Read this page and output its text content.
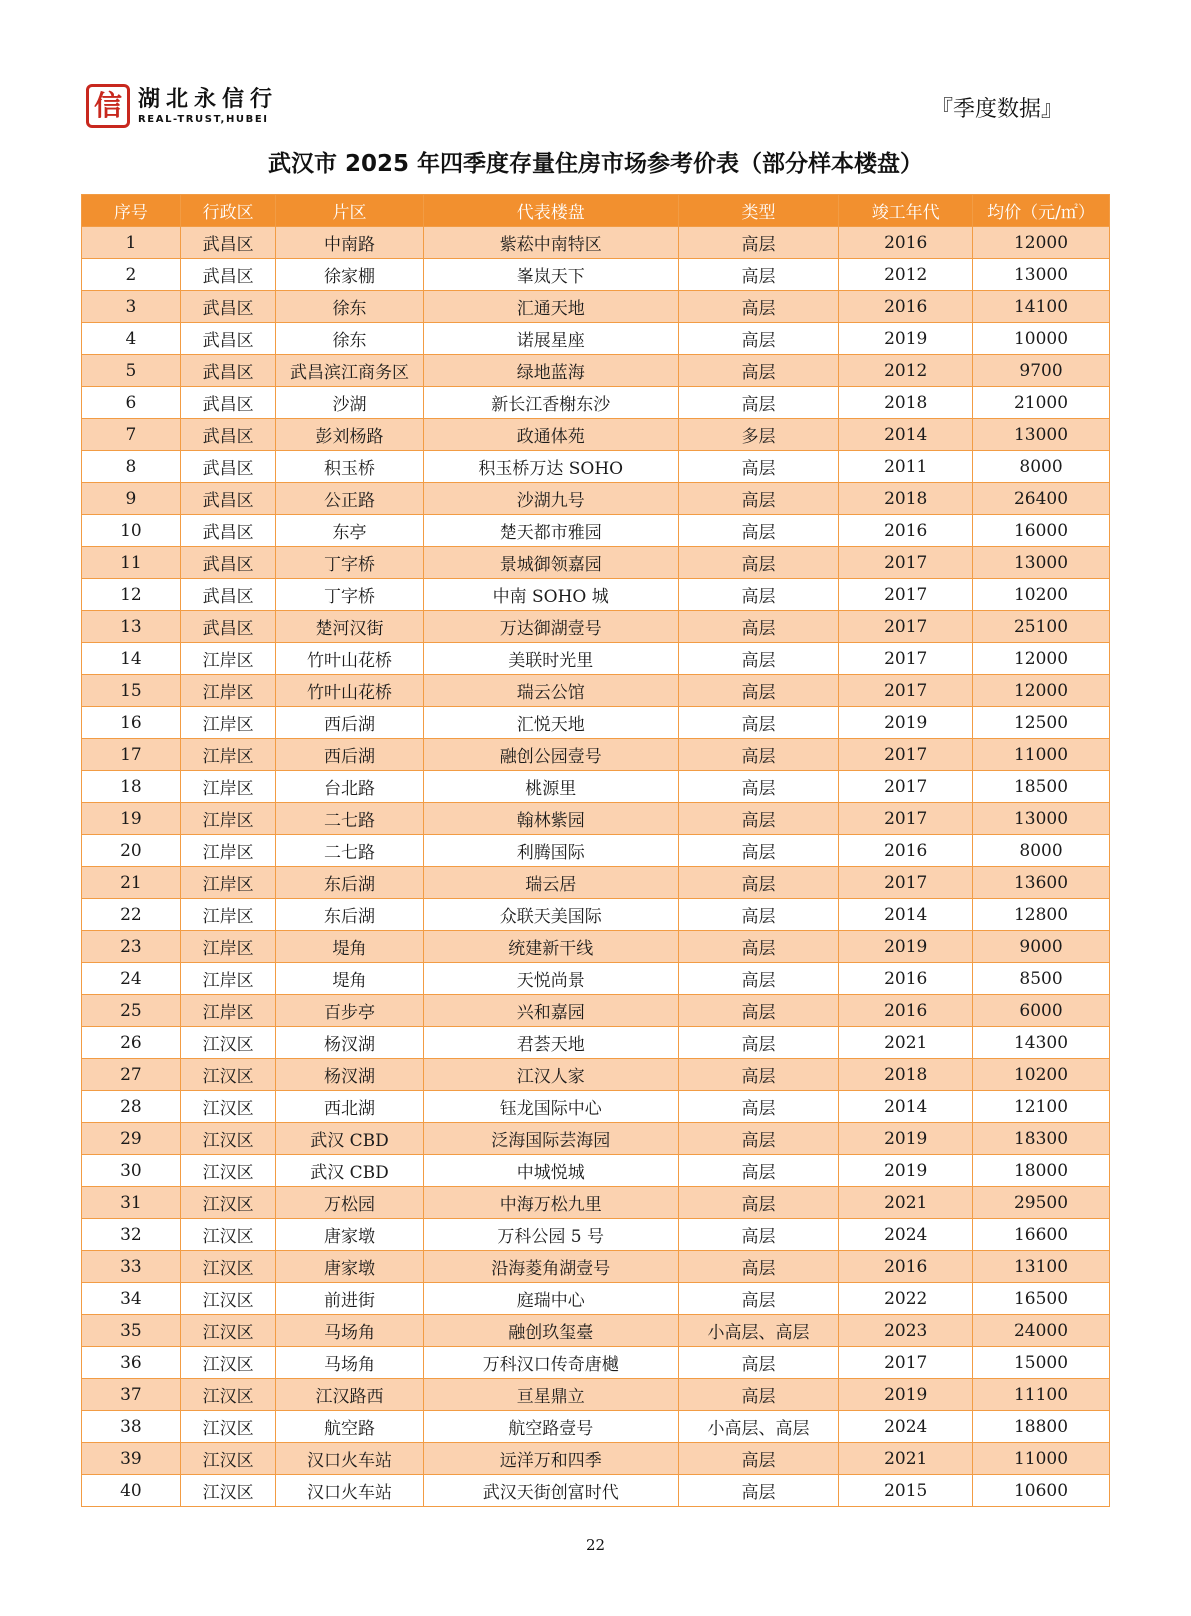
信 湖北永信行
REAL-TRUST,HUBEI	『季度数据』
武汉市 2025 年四季度存量住房市场参考价表（部分样本楼盘）
序号	行政区	片区	代表楼盘	类型	竣工年代	均价（元/㎡）
1	武昌区	中南路	紫菘中南特区	高层	2016	12000
2	武昌区	徐家棚	峯岚天下	高层	2012	13000
3	武昌区	徐东	汇通天地	高层	2016	14100
4	武昌区	徐东	诺展星座	高层	2019	10000
5	武昌区	武昌滨江商务区	绿地蓝海	高层	2012	9700
6	武昌区	沙湖	新长江香榭东沙	高层	2018	21000
7	武昌区	彭刘杨路	政通体苑	多层	2014	13000
8	武昌区	积玉桥	积玉桥万达 SOHO	高层	2011	8000
9	武昌区	公正路	沙湖九号	高层	2018	26400
10	武昌区	东亭	楚天都市雅园	高层	2016	16000
11	武昌区	丁字桥	景城御领嘉园	高层	2017	13000
12	武昌区	丁字桥	中南 SOHO 城	高层	2017	10200
13	武昌区	楚河汉街	万达御湖壹号	高层	2017	25100
14	江岸区	竹叶山花桥	美联时光里	高层	2017	12000
15	江岸区	竹叶山花桥	瑞云公馆	高层	2017	12000
16	江岸区	西后湖	汇悦天地	高层	2019	12500
17	江岸区	西后湖	融创公园壹号	高层	2017	11000
18	江岸区	台北路	桃源里	高层	2017	18500
19	江岸区	二七路	翰林紫园	高层	2017	13000
20	江岸区	二七路	利腾国际	高层	2016	8000
21	江岸区	东后湖	瑞云居	高层	2017	13600
22	江岸区	东后湖	众联天美国际	高层	2014	12800
23	江岸区	堤角	统建新干线	高层	2019	9000
24	江岸区	堤角	天悦尚景	高层	2016	8500
25	江岸区	百步亭	兴和嘉园	高层	2016	6000
26	江汉区	杨汊湖	君荟天地	高层	2021	14300
27	江汉区	杨汊湖	江汉人家	高层	2018	10200
28	江汉区	西北湖	钰龙国际中心	高层	2014	12100
29	江汉区	武汉 CBD	泛海国际芸海园	高层	2019	18300
30	江汉区	武汉 CBD	中城悦城	高层	2019	18000
31	江汉区	万松园	中海万松九里	高层	2021	29500
32	江汉区	唐家墩	万科公园 5 号	高层	2024	16600
33	江汉区	唐家墩	沿海菱角湖壹号	高层	2016	13100
34	江汉区	前进街	庭瑞中心	高层	2022	16500
35	江汉区	马场角	融创玖玺臺	小高层、高层	2023	24000
36	江汉区	马场角	万科汉口传奇唐樾	高层	2017	15000
37	江汉区	江汉路西	亘星鼎立	高层	2019	11100
38	江汉区	航空路	航空路壹号	小高层、高层	2024	18800
39	江汉区	汉口火车站	远洋万和四季	高层	2021	11000
40	江汉区	汉口火车站	武汉天街创富时代	高层	2015	10600
22
